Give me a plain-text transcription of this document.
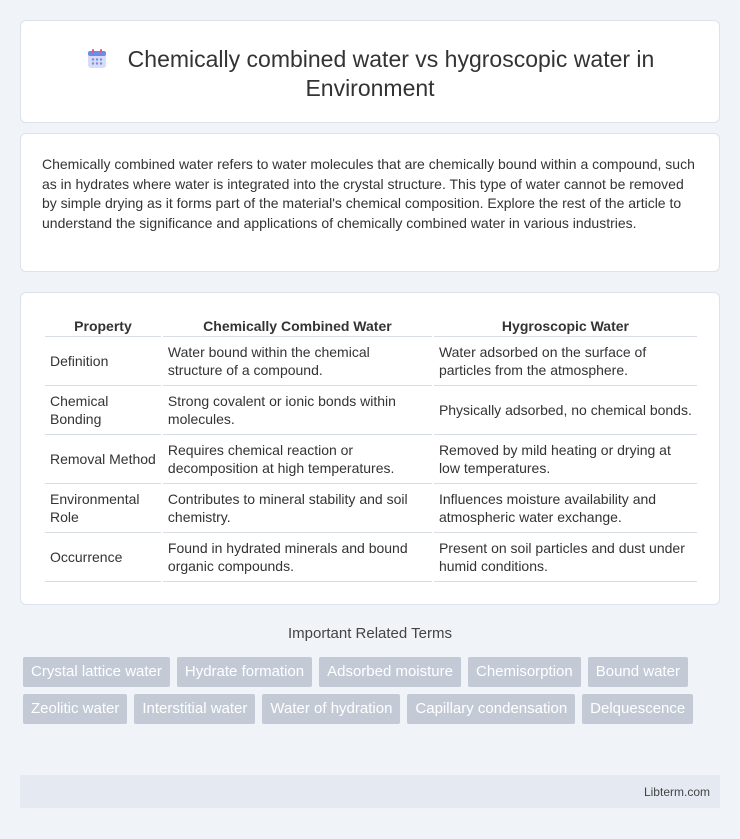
Chemically combined water vs hygroscopic water in Environment

Chemically combined water refers to water molecules that are chemically bound within a compound, such as in hydrates where water is integrated into the crystal structure. This type of water cannot be removed by simple drying as it forms part of the material's chemical composition. Explore the rest of the article to understand the significance and applications of chemically combined water in various industries.

Property	Chemically Combined Water	Hygroscopic Water
Definition	Water bound within the chemical structure of a compound.	Water adsorbed on the surface of particles from the atmosphere.
Chemical Bonding	Strong covalent or ionic bonds within molecules.	Physically adsorbed, no chemical bonds.
Removal Method	Requires chemical reaction or decomposition at high temperatures.	Removed by mild heating or drying at low temperatures.
Environmental Role	Contributes to mineral stability and soil chemistry.	Influences moisture availability and atmospheric water exchange.
Occurrence	Found in hydrated minerals and bound organic compounds.	Present on soil particles and dust under humid conditions.
Important Related Terms
Crystal lattice water	Hydrate formation	Adsorbed moisture	Chemisorption	Bound water
Zeolitic water	Interstitial water	Water of hydration	Capillary condensation	Delquescence
Libterm.com
